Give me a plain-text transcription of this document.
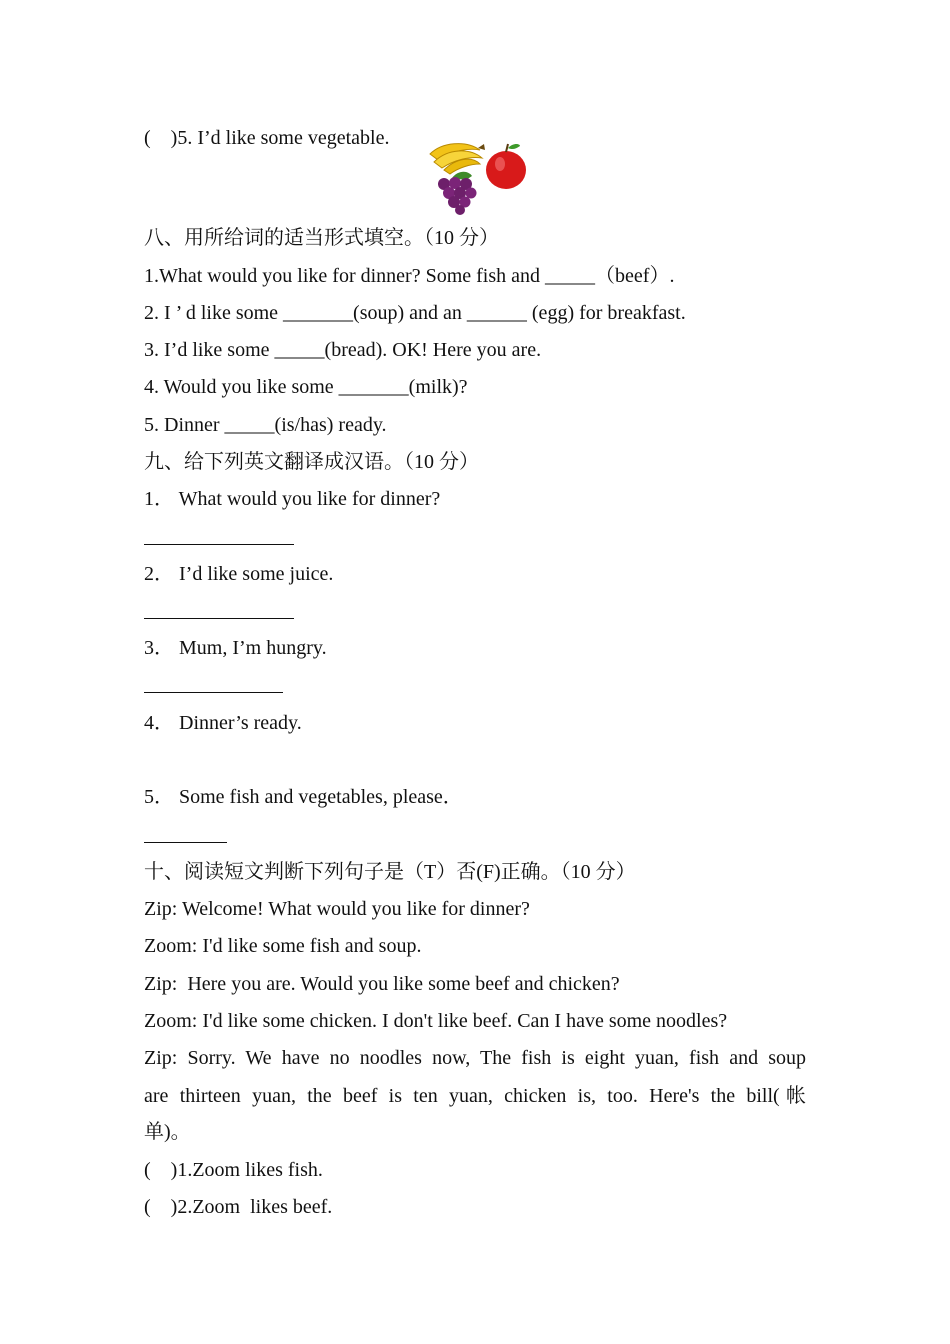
(    )5. I’d like some vegetable.
八、用所给词的适当形式填空。（10 分）
1.What would you like for dinner? Some fish and _____（beef）.
2. I ’ d like some _______(soup) and an ______ (egg) for breakfast.
3. I’d like some _____(bread). OK! Here you are.
4. Would you like some _______(milk)?
5. Dinner _____(is/has) ready.
九、给下列英文翻译成汉语。（10 分）
1． What would you like for dinner?
2． I’d like some juice.
3． Mum, I’m hungry.
4． Dinner’s ready.
5． Some fish and vegetables, please．
十、阅读短文判断下列句子是（T）否(F)正确。（10 分）
Zip: Welcome! What would you like for dinner?
Zoom: I'd like some fish and soup.
Zip:  Here you are. Would you like some beef and chicken?
Zoom: I'd like some chicken. I don't like beef. Can I have some noodles?
Zip: Sorry. We have no noodles now, The fish is eight yuan, fish and soup
are thirteen yuan, the beef is ten yuan, chicken is, too. Here's the bill(帐
单)。
(    )1.Zoom likes fish.
(    )2.Zoom  likes beef.
